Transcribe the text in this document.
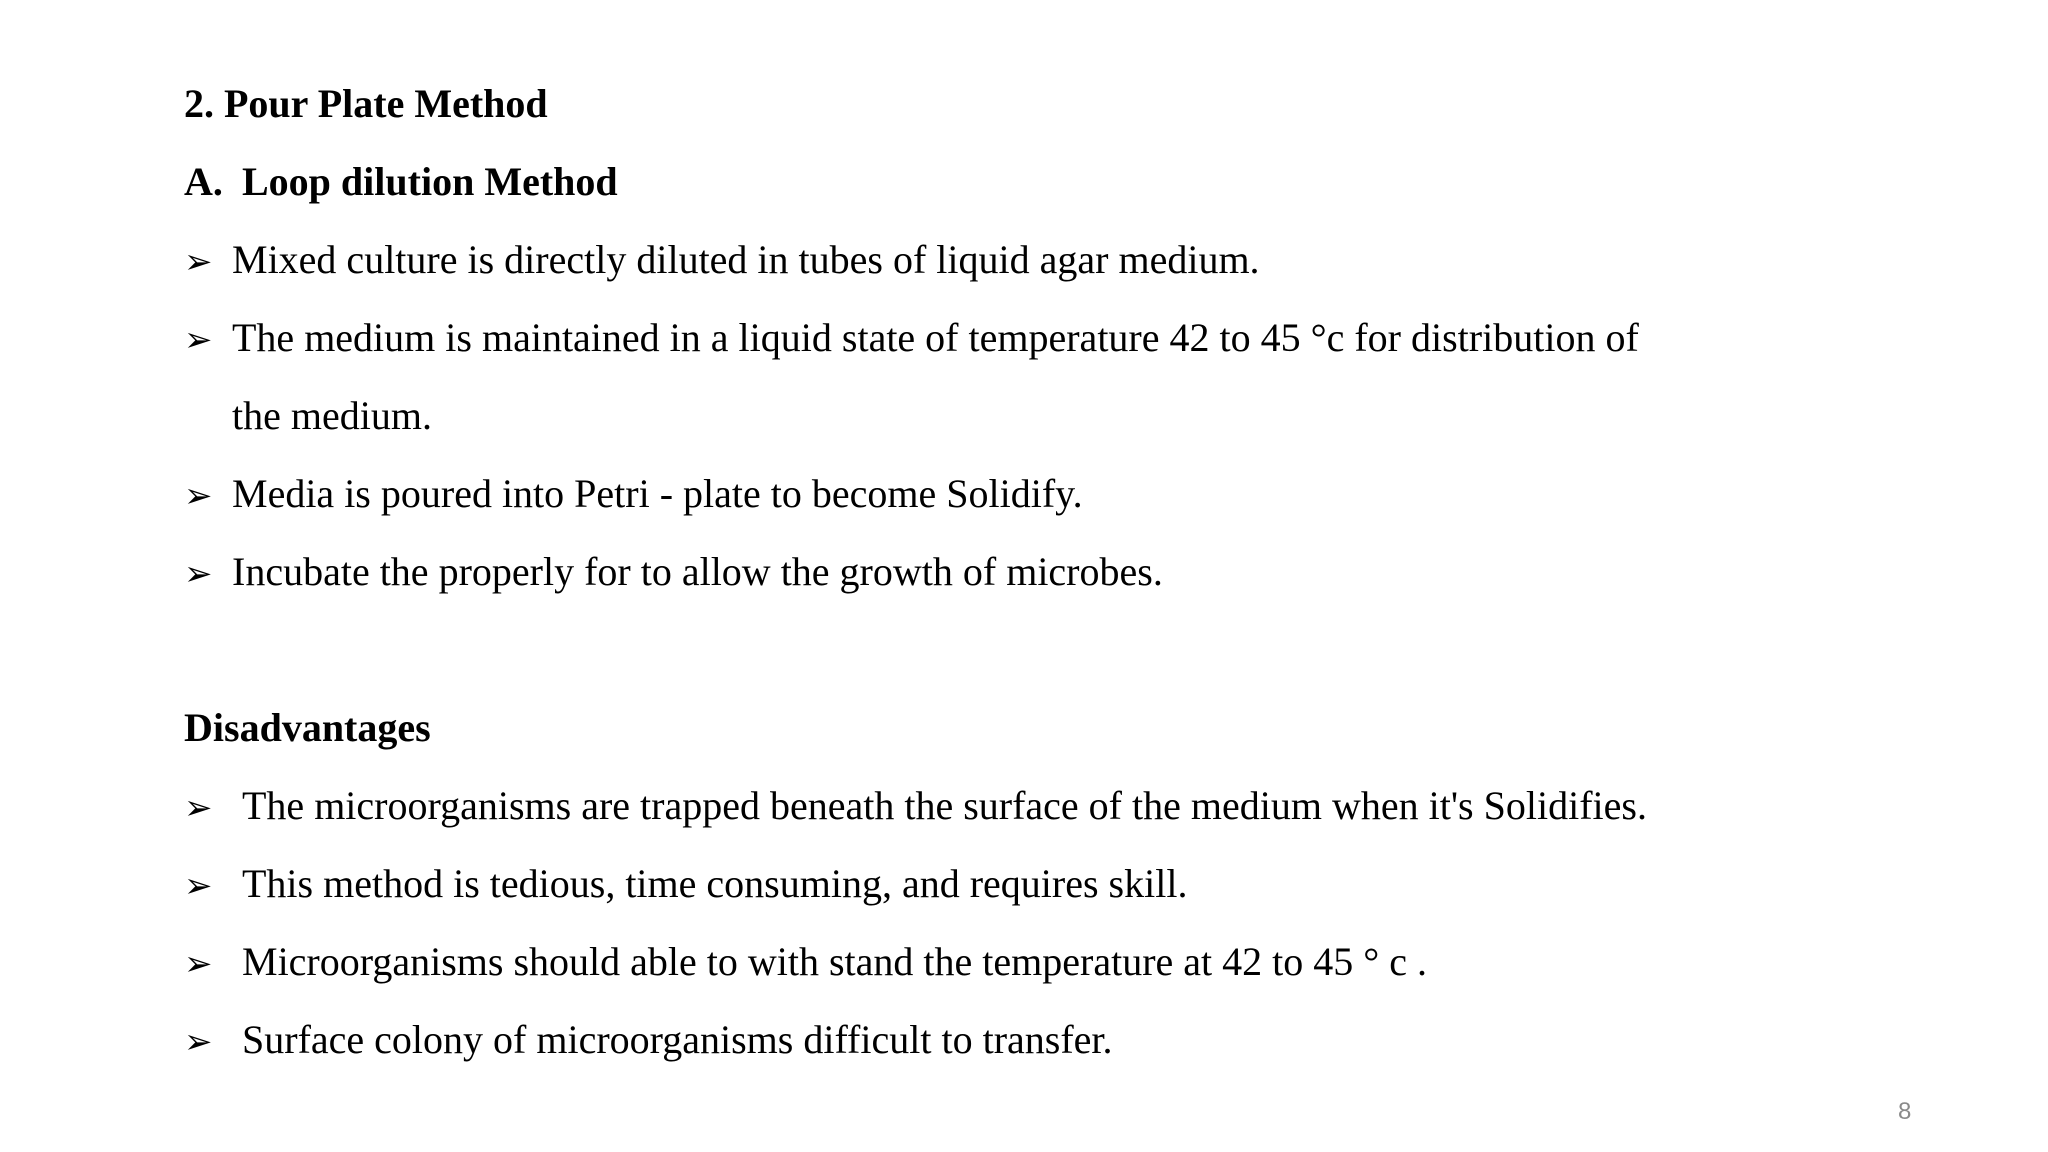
2. Pour Plate Method
A. Loop dilution Method
➢ Mixed culture is directly diluted in tubes of liquid agar medium.
➢ The medium is maintained in a liquid state of temperature 42 to 45 °c for distribution of
the medium.
➢ Media is poured into Petri - plate to become Solidify.
➢ Incubate the properly for to allow the growth of microbes.
Disadvantages
➢ The microorganisms are trapped beneath the surface of the medium when it's Solidifies.
➢ This method is tedious, time consuming, and requires skill.
➢ Microorganisms should able to with stand the temperature at 42 to 45 ° c .
➢ Surface colony of microorganisms difficult to transfer.
8
